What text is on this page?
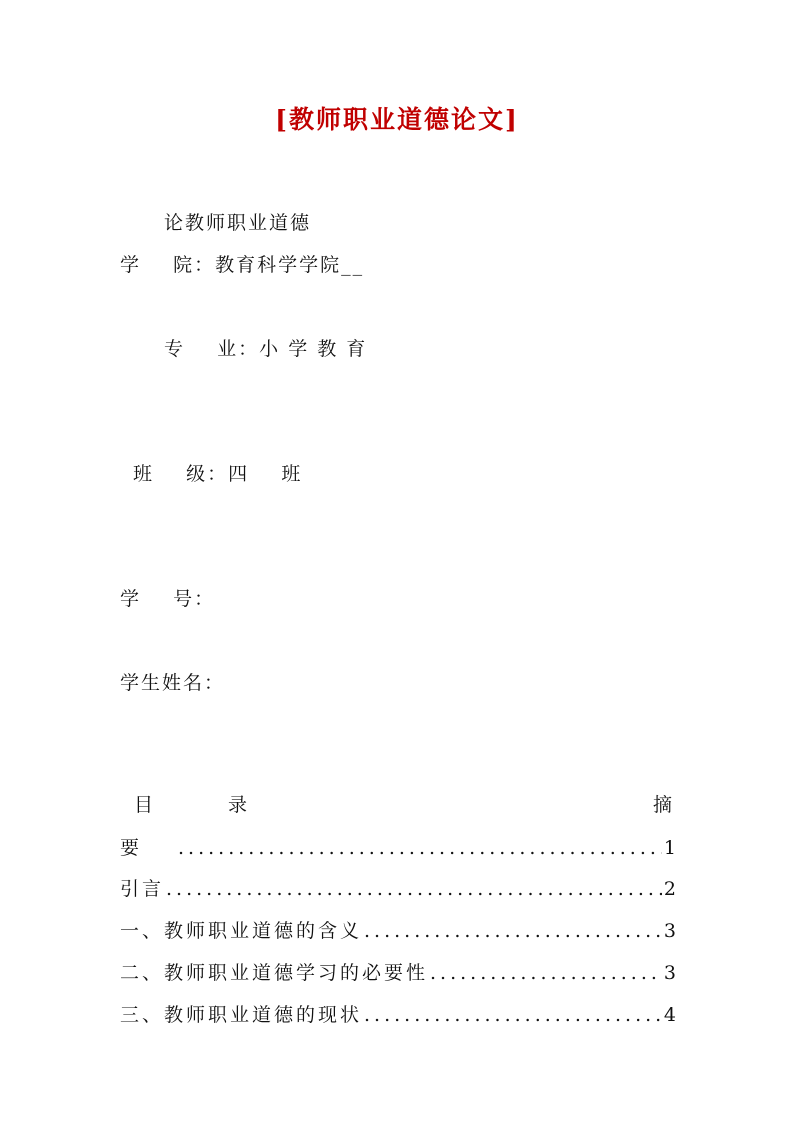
[教师职业道德论文]
论教师职业道德
学    院：教育科学学院__
专    业：小 学 教 育
班    级：四    班
学    号：
学生姓名：
目	录	摘
要 .....	1
引言 .....	2
一、教师职业道德的含义 .....	3
二、教师职业道德学习的必要性 .....	3
三、教师职业道德的现状 .....	4
